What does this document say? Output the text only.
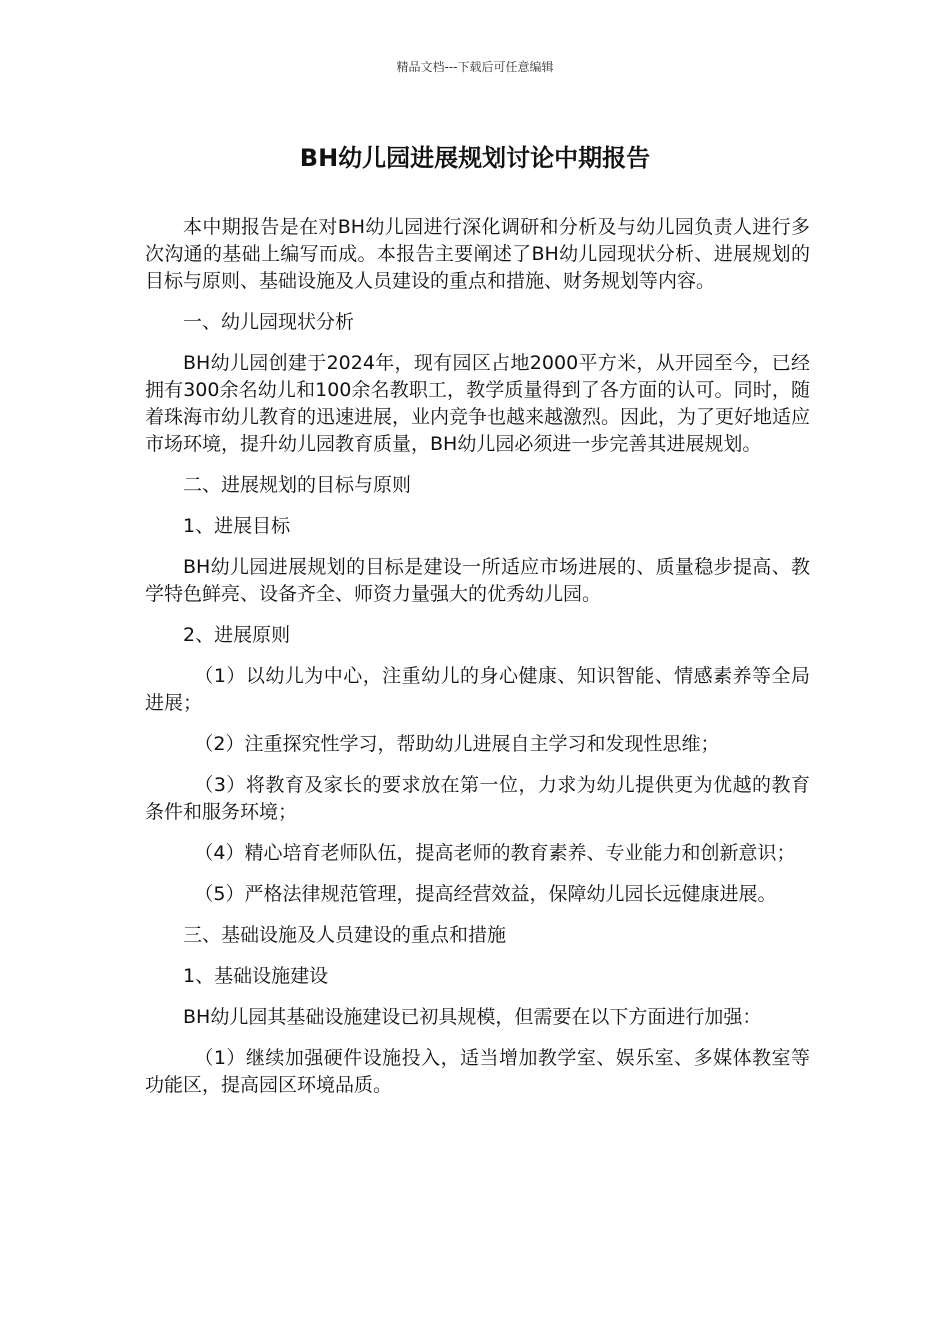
精品文档---下载后可任意编辑
BH幼儿园进展规划讨论中期报告

本中期报告是在对BH幼儿园进行深化调研和分析及与幼儿园负责人进行多次沟通的基础上编写而成。本报告主要阐述了BH幼儿园现状分析、进展规划的目标与原则、基础设施及人员建设的重点和措施、财务规划等内容。

一、幼儿园现状分析

BH幼儿园创建于2024年，现有园区占地2000平方米，从开园至今，已经拥有300余名幼儿和100余名教职工，教学质量得到了各方面的认可。同时，随着珠海市幼儿教育的迅速进展，业内竞争也越来越激烈。因此，为了更好地适应市场环境，提升幼儿园教育质量，BH幼儿园必须进一步完善其进展规划。

二、进展规划的目标与原则

1、进展目标

BH幼儿园进展规划的目标是建设一所适应市场进展的、质量稳步提高、教学特色鲜亮、设备齐全、师资力量强大的优秀幼儿园。

2、进展原则

（1）以幼儿为中心，注重幼儿的身心健康、知识智能、情感素养等全局进展；

（2）注重探究性学习，帮助幼儿进展自主学习和发现性思维；

（3）将教育及家长的要求放在第一位，力求为幼儿提供更为优越的教育条件和服务环境；

（4）精心培育老师队伍，提高老师的教育素养、专业能力和创新意识；

（5）严格法律规范管理，提高经营效益，保障幼儿园长远健康进展。

三、基础设施及人员建设的重点和措施

1、基础设施建设

BH幼儿园其基础设施建设已初具规模，但需要在以下方面进行加强：

（1）继续加强硬件设施投入，适当增加教学室、娱乐室、多媒体教室等功能区，提高园区环境品质。
